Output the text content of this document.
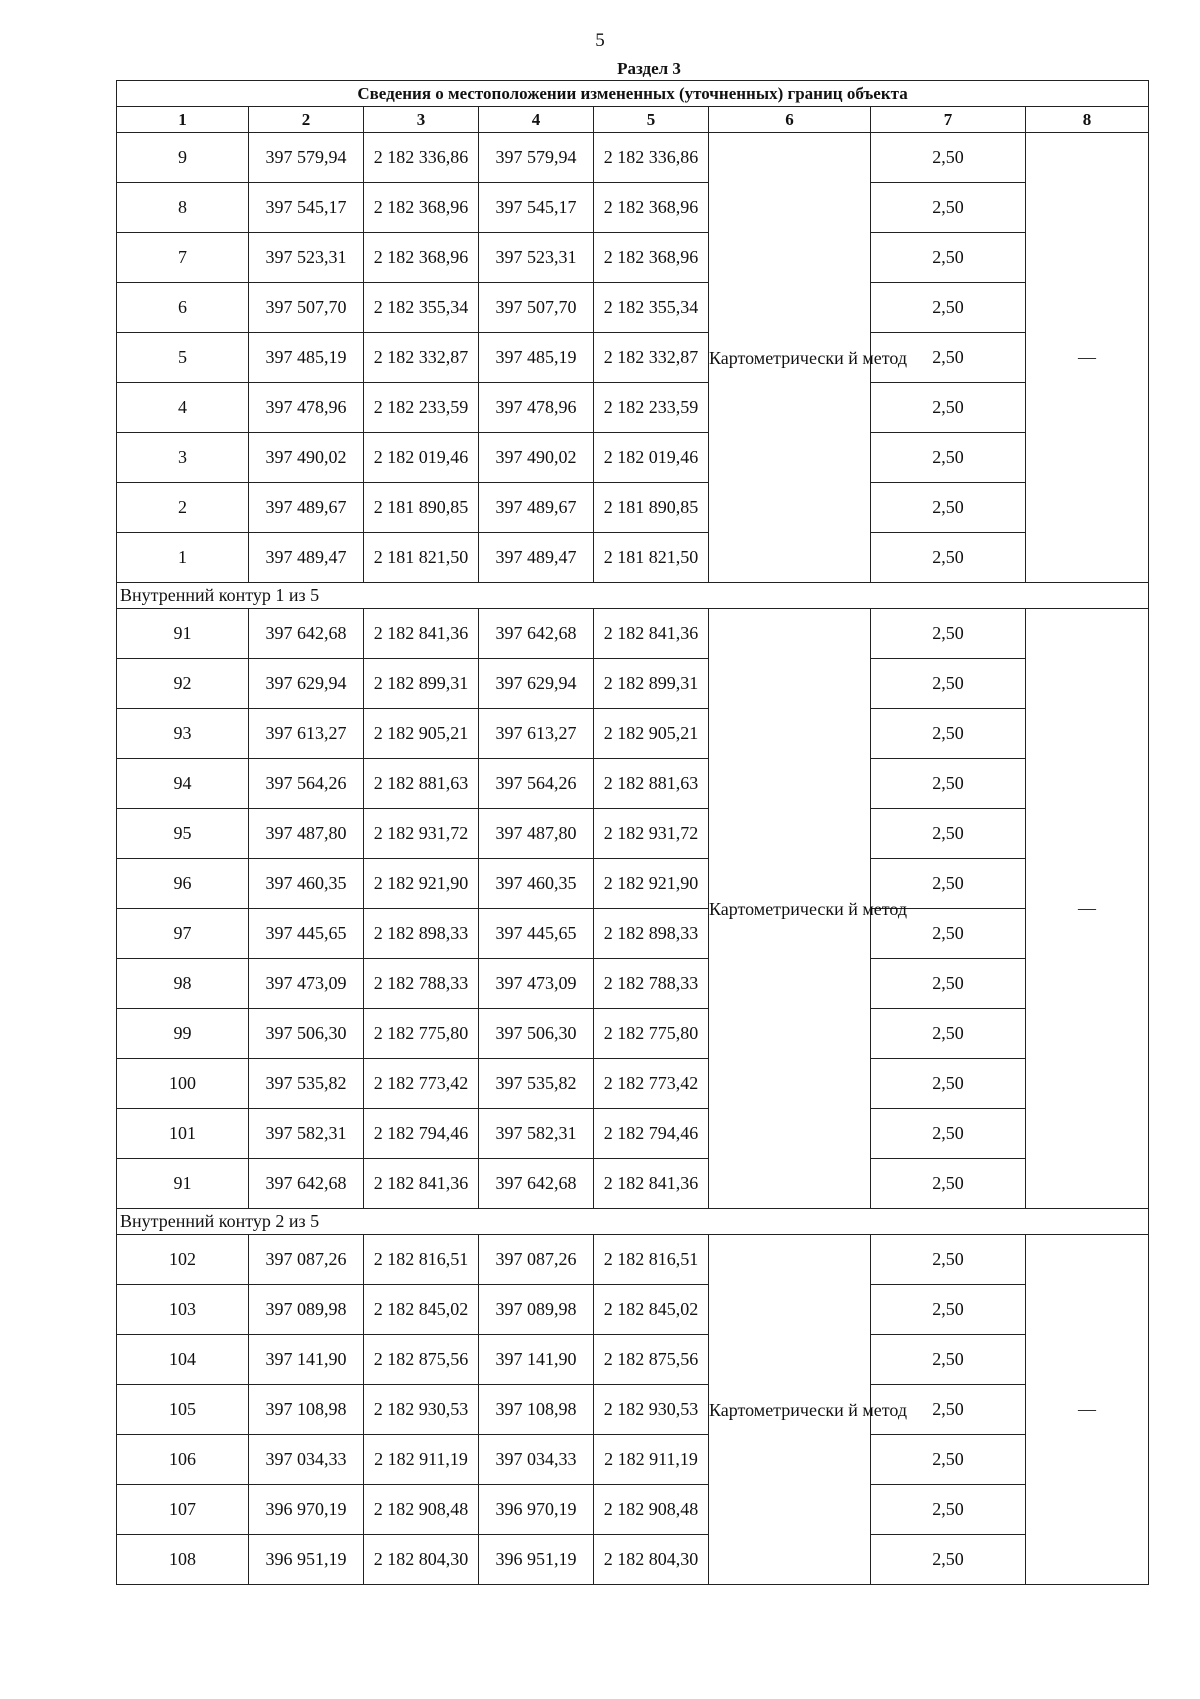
5
Раздел 3
Сведения о местоположении измененных (уточненных) границ объекта							
1	2	3	4	5	6	7	8
9	397 579,94	2 182 336,86	397 579,94	2 182 336,86	Картометрически й метод	2,50	—
8	397 545,17	2 182 368,96	397 545,17	2 182 368,96		2,50	
7	397 523,31	2 182 368,96	397 523,31	2 182 368,96		2,50	
6	397 507,70	2 182 355,34	397 507,70	2 182 355,34		2,50	
5	397 485,19	2 182 332,87	397 485,19	2 182 332,87		2,50	
4	397 478,96	2 182 233,59	397 478,96	2 182 233,59		2,50	
3	397 490,02	2 182 019,46	397 490,02	2 182 019,46		2,50	
2	397 489,67	2 181 890,85	397 489,67	2 181 890,85		2,50	
1	397 489,47	2 181 821,50	397 489,47	2 181 821,50		2,50	
Внутренний контур 1 из 5							
91	397 642,68	2 182 841,36	397 642,68	2 182 841,36	Картометрически й метод	2,50	—
92	397 629,94	2 182 899,31	397 629,94	2 182 899,31		2,50	
93	397 613,27	2 182 905,21	397 613,27	2 182 905,21		2,50	
94	397 564,26	2 182 881,63	397 564,26	2 182 881,63		2,50	
95	397 487,80	2 182 931,72	397 487,80	2 182 931,72		2,50	
96	397 460,35	2 182 921,90	397 460,35	2 182 921,90		2,50	
97	397 445,65	2 182 898,33	397 445,65	2 182 898,33		2,50	
98	397 473,09	2 182 788,33	397 473,09	2 182 788,33		2,50	
99	397 506,30	2 182 775,80	397 506,30	2 182 775,80		2,50	
100	397 535,82	2 182 773,42	397 535,82	2 182 773,42		2,50	
101	397 582,31	2 182 794,46	397 582,31	2 182 794,46		2,50	
91	397 642,68	2 182 841,36	397 642,68	2 182 841,36		2,50	
Внутренний контур 2 из 5							
102	397 087,26	2 182 816,51	397 087,26	2 182 816,51	Картометрически й метод	2,50	—
103	397 089,98	2 182 845,02	397 089,98	2 182 845,02		2,50	
104	397 141,90	2 182 875,56	397 141,90	2 182 875,56		2,50	
105	397 108,98	2 182 930,53	397 108,98	2 182 930,53		2,50	
106	397 034,33	2 182 911,19	397 034,33	2 182 911,19		2,50	
107	396 970,19	2 182 908,48	396 970,19	2 182 908,48		2,50	
108	396 951,19	2 182 804,30	396 951,19	2 182 804,30		2,50	
